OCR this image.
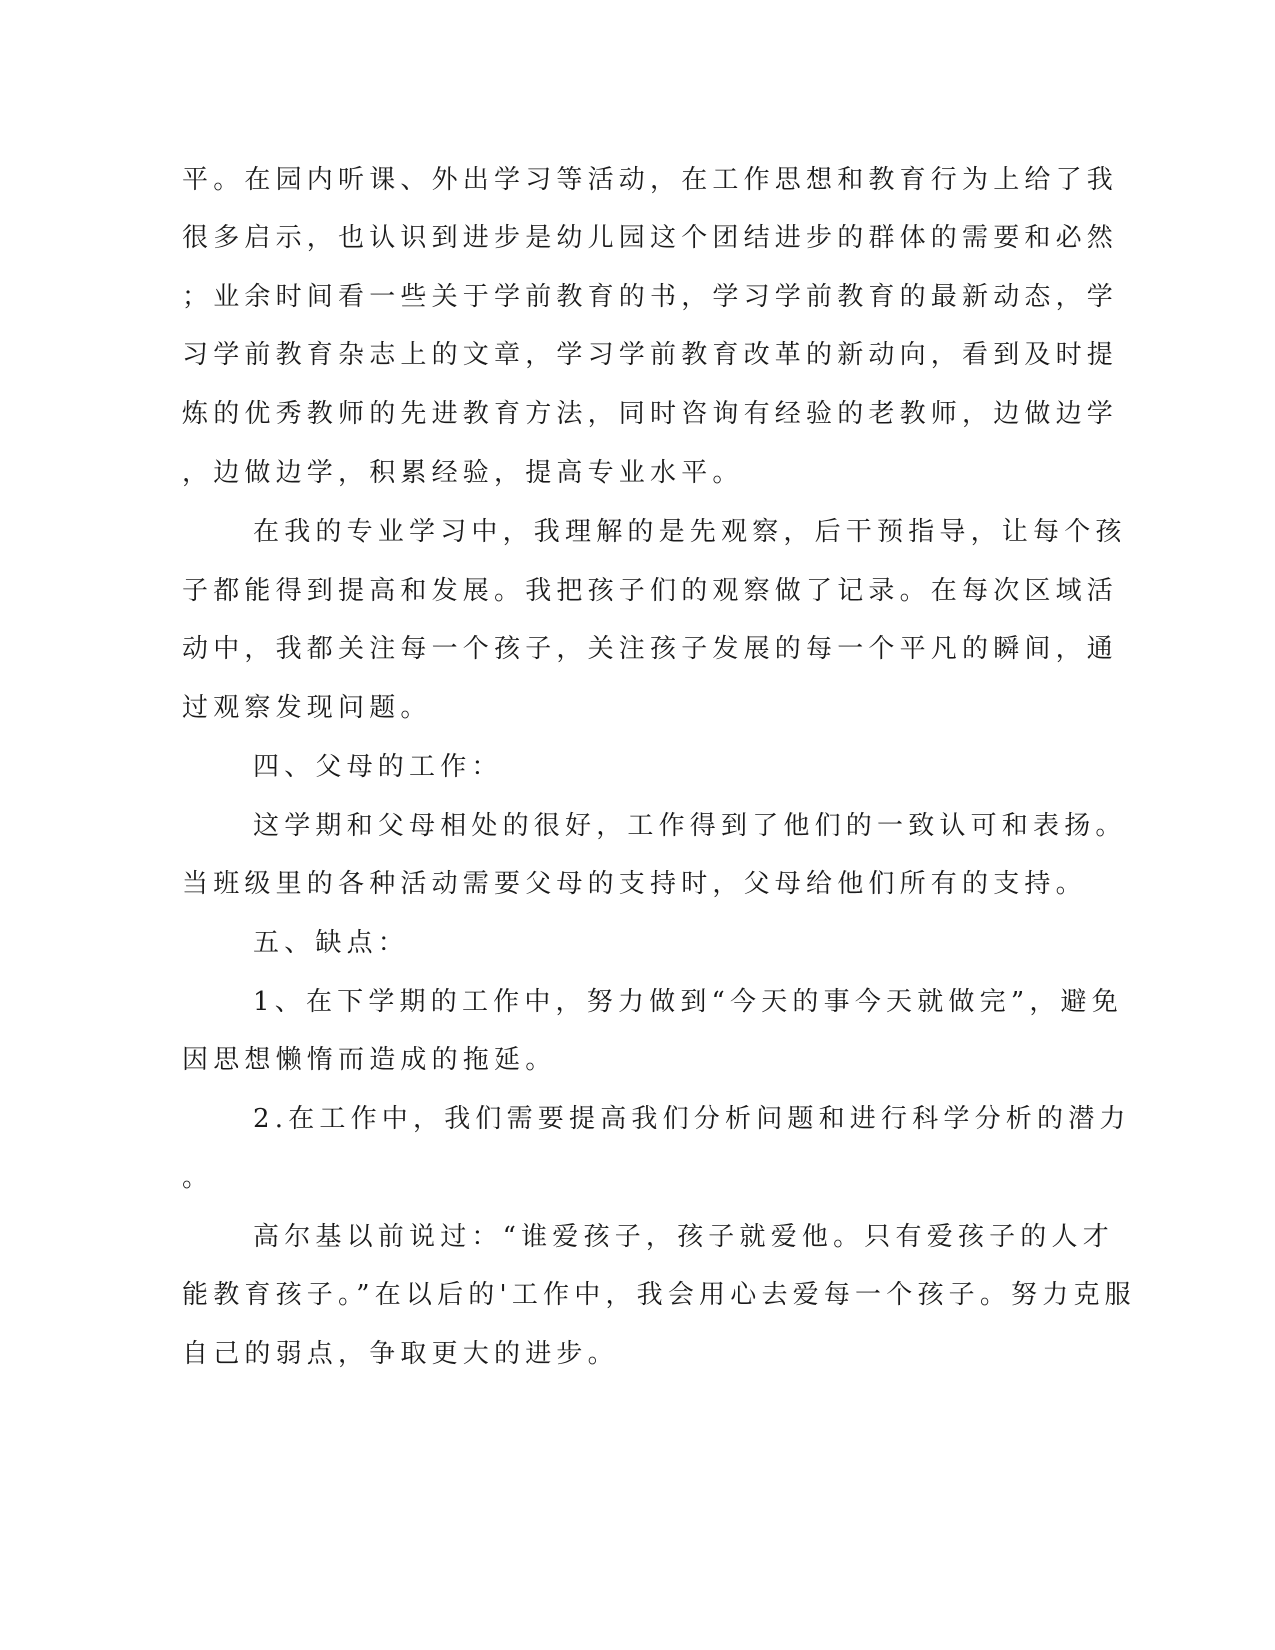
平。在园内听课、外出学习等活动，在工作思想和教育行为上给了我

很多启示，也认识到进步是幼儿园这个团结进步的群体的需要和必然

；业余时间看一些关于学前教育的书，学习学前教育的最新动态，学

习学前教育杂志上的文章，学习学前教育改革的新动向，看到及时提

炼的优秀教师的先进教育方法，同时咨询有经验的老教师，边做边学

，边做边学，积累经验，提高专业水平。

在我的专业学习中，我理解的是先观察，后干预指导，让每个孩

子都能得到提高和发展。我把孩子们的观察做了记录。在每次区域活

动中，我都关注每一个孩子，关注孩子发展的每一个平凡的瞬间，通

过观察发现问题。

四、父母的工作：

这学期和父母相处的很好，工作得到了他们的一致认可和表扬。

当班级里的各种活动需要父母的支持时，父母给他们所有的支持。

五、缺点：

1、在下学期的工作中，努力做到“今天的事今天就做完”，避免

因思想懒惰而造成的拖延。

2.在工作中，我们需要提高我们分析问题和进行科学分析的潜力

。

高尔基以前说过：“谁爱孩子，孩子就爱他。只有爱孩子的人才

能教育孩子。”在以后的'工作中，我会用心去爱每一个孩子。努力克服

自己的弱点，争取更大的进步。
